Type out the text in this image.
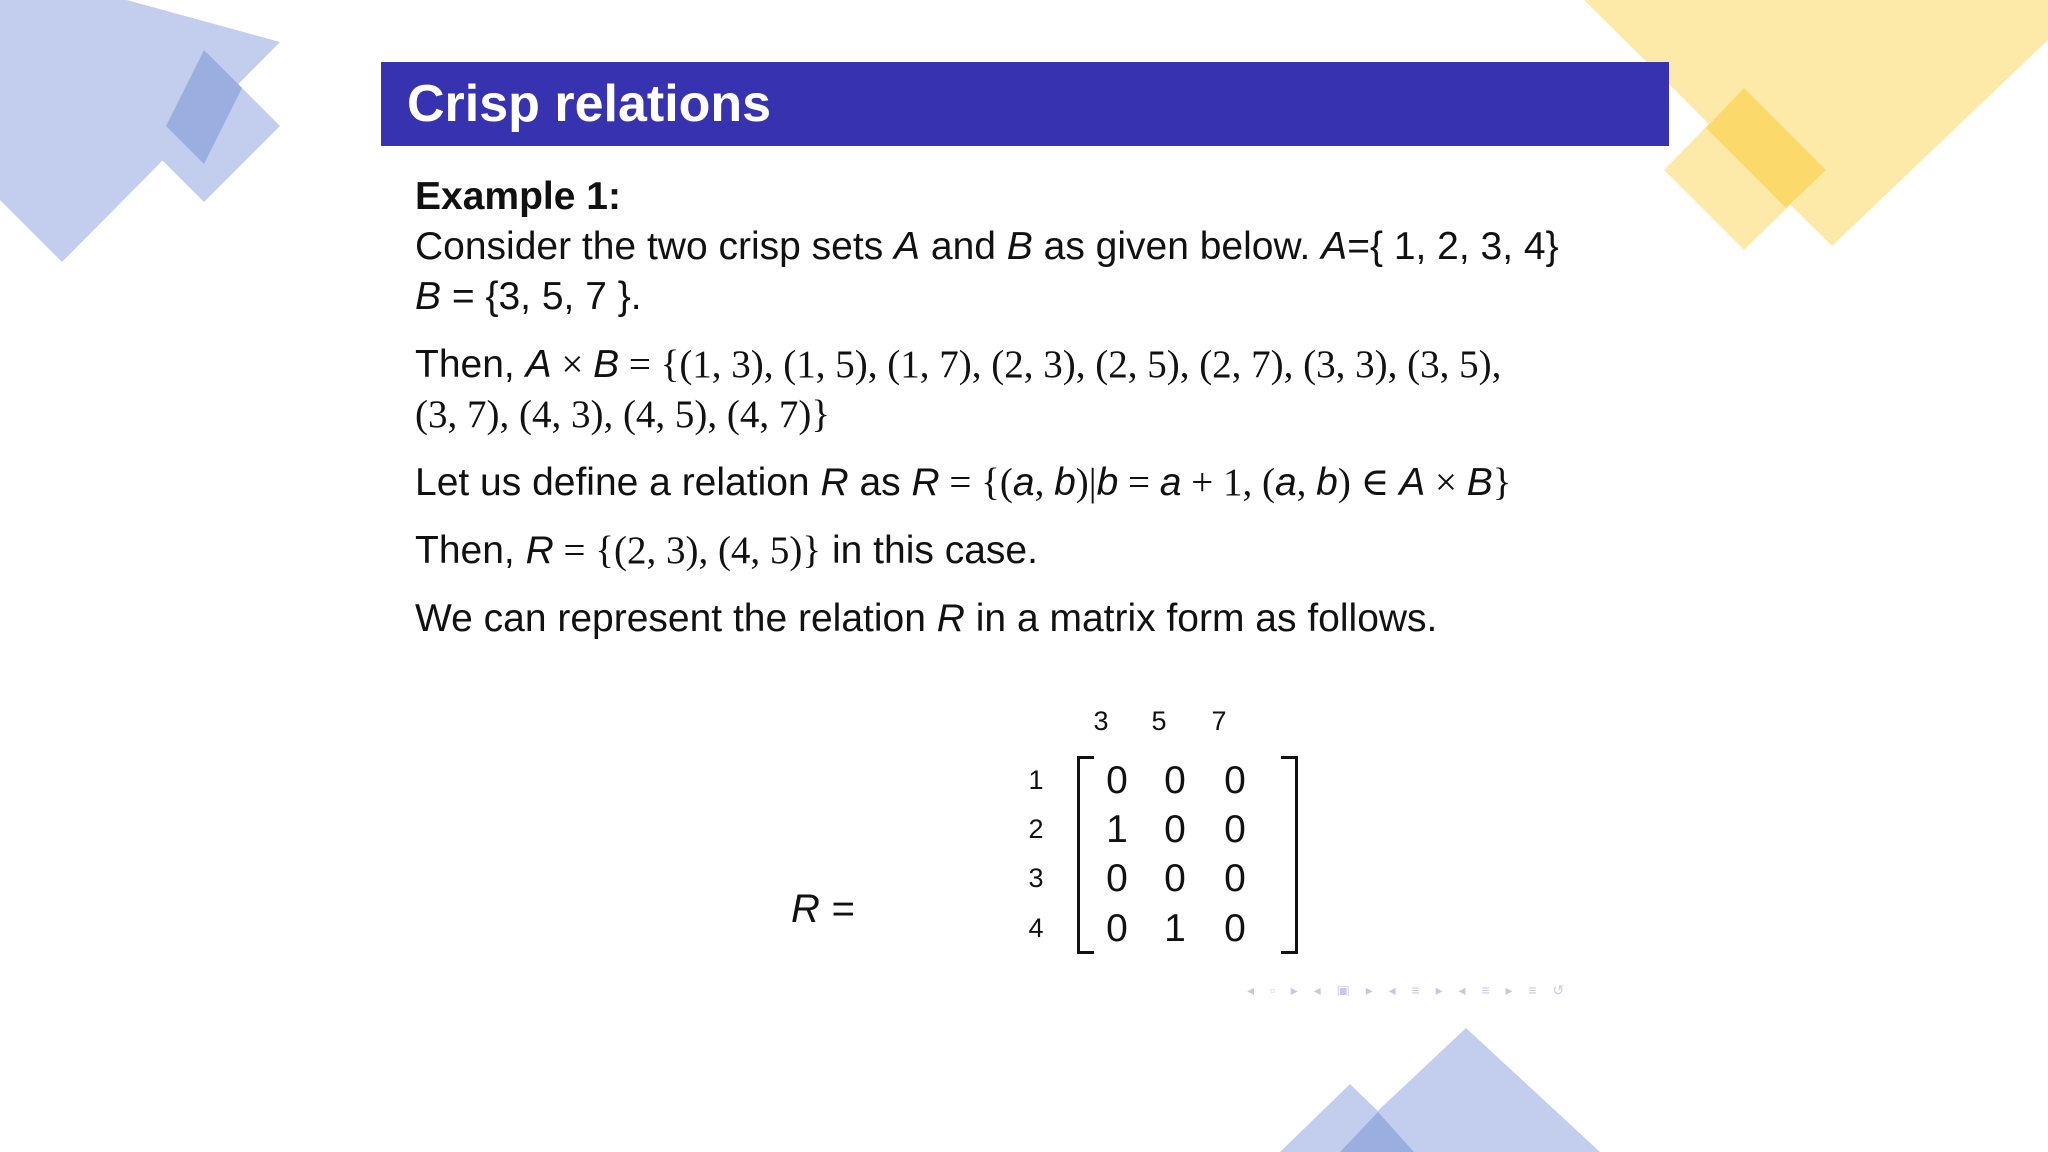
Crisp relations

Example 1:

Consider the two crisp sets A and B as given below. A={ 1, 2, 3, 4}
B = {3, 5, 7 }.

Then, A × B = {(1, 3), (1, 5), (1, 7), (2, 3), (2, 5), (2, 7), (3, 3), (3, 5),
(3, 7), (4, 3), (4, 5), (4, 7)}

Let us define a relation R as R = {(a, b)|b = a + 1, (a, b) ∈ A × B}

Then, R = {(2, 3), (4, 5)} in this case.

We can represent the relation R in a matrix form as follows.

R =
3	5	7
1
2
3
4
0 0 0
1 0 0
0 0 0
0 1 0
◂ ▫ ▸ ◂ ▣ ▸ ◂ ≡ ▸ ◂ ≡ ▸ ≡ ↺
